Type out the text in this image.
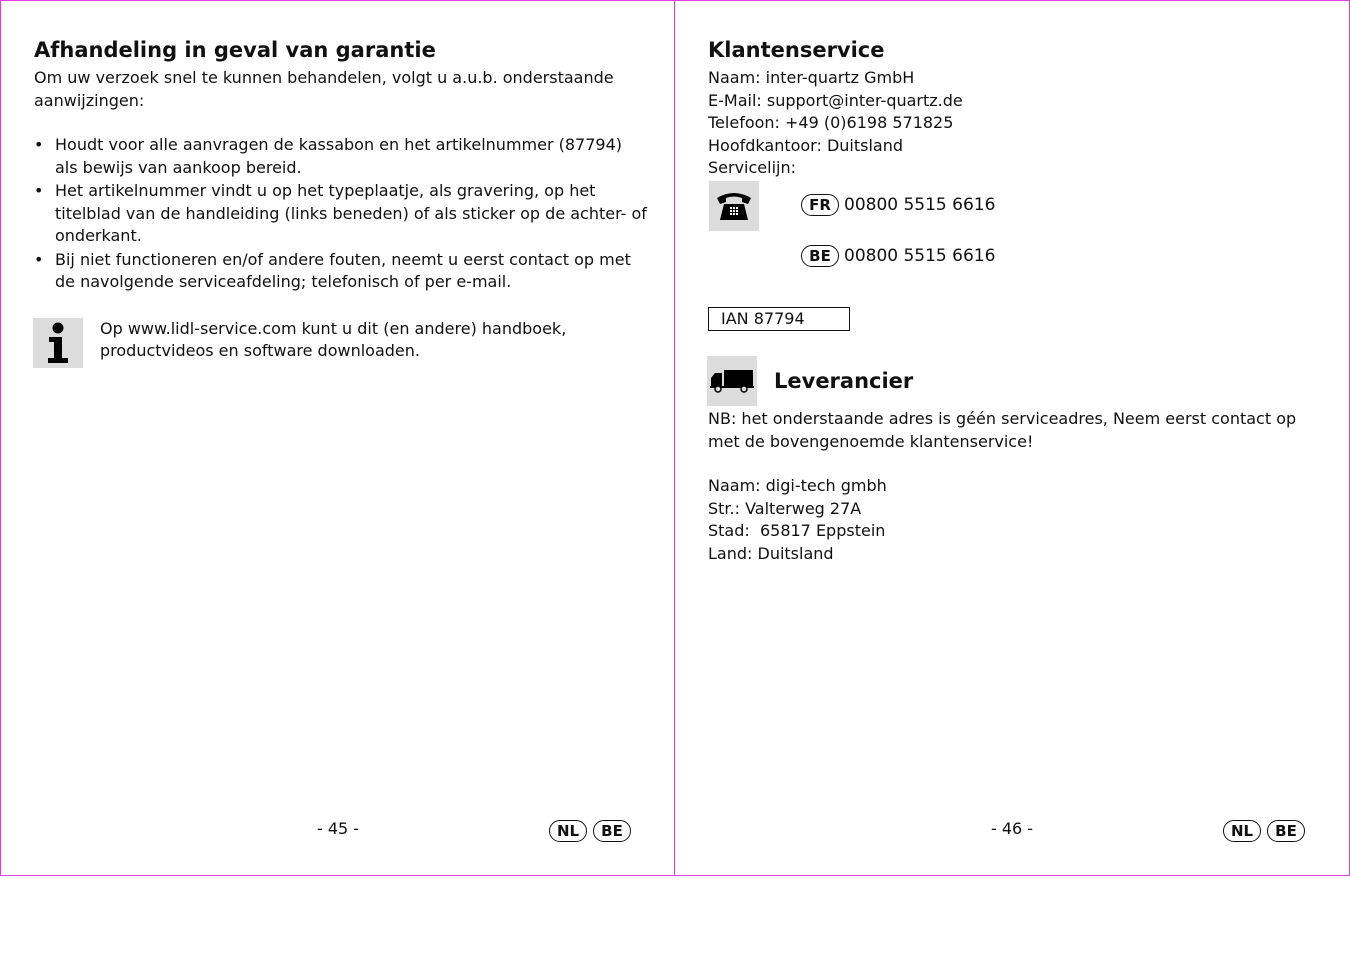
Afhandeling in geval van garantie

Om uw verzoek snel te kunnen behandelen, volgt u a.u.b. onderstaande aanwijzingen:

• Houdt voor alle aanvragen de kassabon en het artikelnummer (87794) als bewijs van aankoop bereid.
• Het artikelnummer vindt u op het typeplaatje, als gravering, op het titelblad van de handleiding (links beneden) of als sticker op de achter- of onderkant.
• Bij niet functioneren en/of andere fouten, neemt u eerst contact op met de navolgende serviceafdeling; telefonisch of per e-mail.

Op www.lidl-service.com kunt u dit (en andere) handboek, productvideos en software downloaden.

- 45 -	NL	BE
Klantenservice

Naam: inter-quartz GmbH

E-Mail: support@inter-quartz.de

Telefoon: +49 (0)6198 571825

Hoofdkantoor: Duitsland

Servicelijn:

FR 00800 5515 6616
BE 00800 5515 6616
IAN 87794
Leverancier

NB: het onderstaande adres is géén serviceadres, Neem eerst contact op met de bovengenoemde klantenservice!

Naam: digi-tech gmbh

Str.: Valterweg 27A

Stad:  65817 Eppstein

Land: Duitsland

- 46 -	NL	BE
